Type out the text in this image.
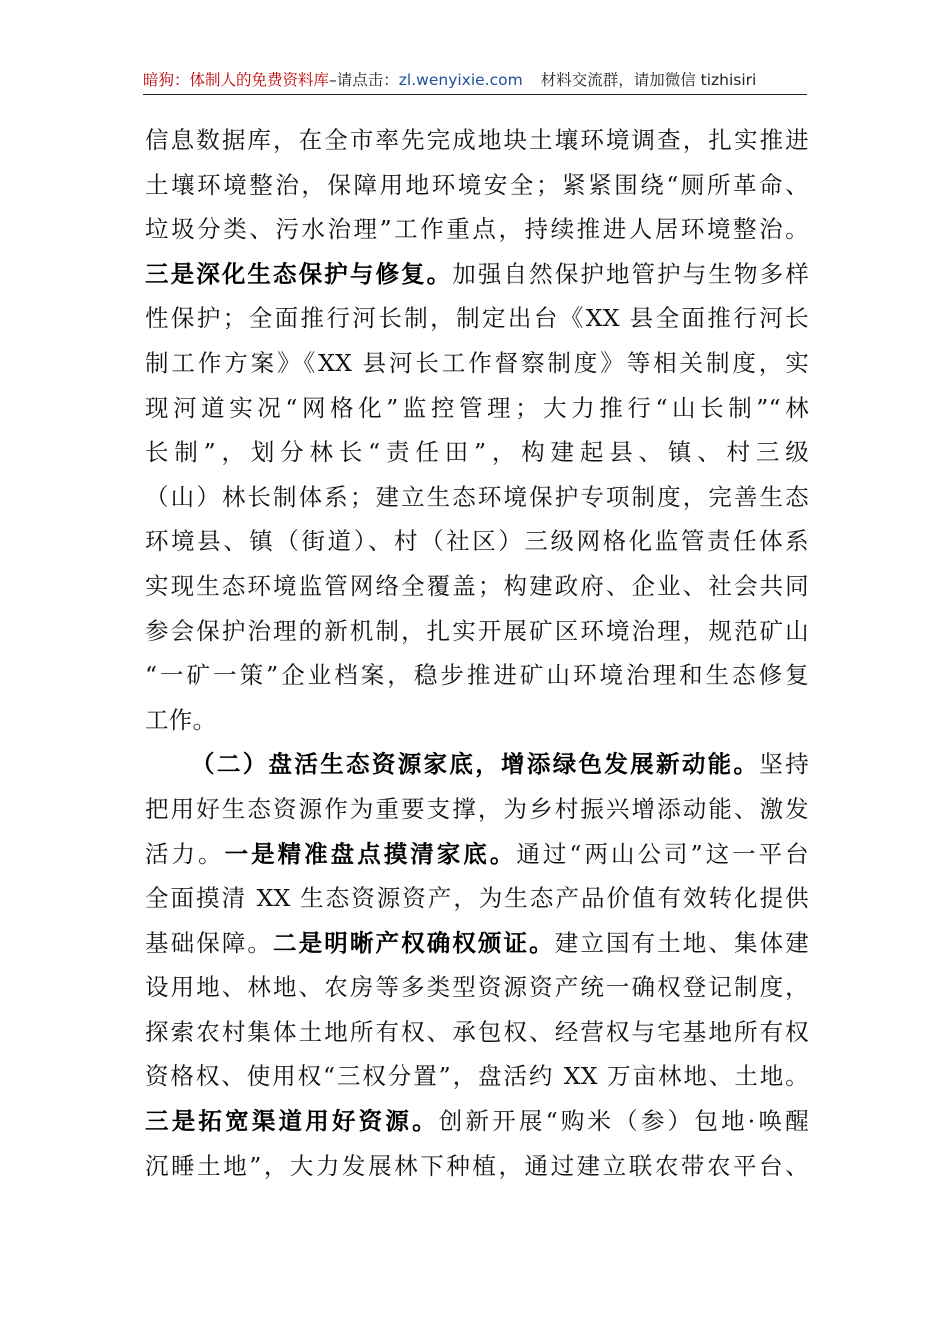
暗狗：体制人的免费资料库 –请点击： zl.wenyixie.com 材料交流群，请加微信 tizhisiri
信息数据库，在全市率先完成地块土壤环境调查，扎实推进
土壤环境整治，保障用地环境安全；紧紧围绕“厕所革命、
垃圾分类、污水治理”工作重点，持续推进人居环境整治。
三是深化生态保护与修复。加强自然保护地管护与生物多样
性保护；全面推行河长制，制定出台《XX 县全面推行河长
制工作方案》《XX 县河长工作督察制度》等相关制度，实
现河道实况“网格化”监控管理；大力推行“山长制”“林
长制”，划分林长“责任田”，构建起县、镇、村三级
（山）林长制体系；建立生态环境保护专项制度，完善生态
环境县、镇（街道）、村（社区）三级网格化监管责任体系
实现生态环境监管网络全覆盖；构建政府、企业、社会共同
参会保护治理的新机制，扎实开展矿区环境治理，规范矿山
“一矿一策”企业档案，稳步推进矿山环境治理和生态修复
工作。
（二）盘活生态资源家底，增添绿色发展新动能。坚持
把用好生态资源作为重要支撑，为乡村振兴增添动能、激发
活力。一是精准盘点摸清家底。通过“两山公司”这一平台
全面摸清 XX 生态资源资产，为生态产品价值有效转化提供
基础保障。二是明晰产权确权颁证。建立国有土地、集体建
设用地、林地、农房等多类型资源资产统一确权登记制度，
探索农村集体土地所有权、承包权、经营权与宅基地所有权
资格权、使用权“三权分置”，盘活约 XX 万亩林地、土地。
三是拓宽渠道用好资源。创新开展“购米（参）包地·唤醒
沉睡土地”，大力发展林下种植，通过建立联农带农平台、
